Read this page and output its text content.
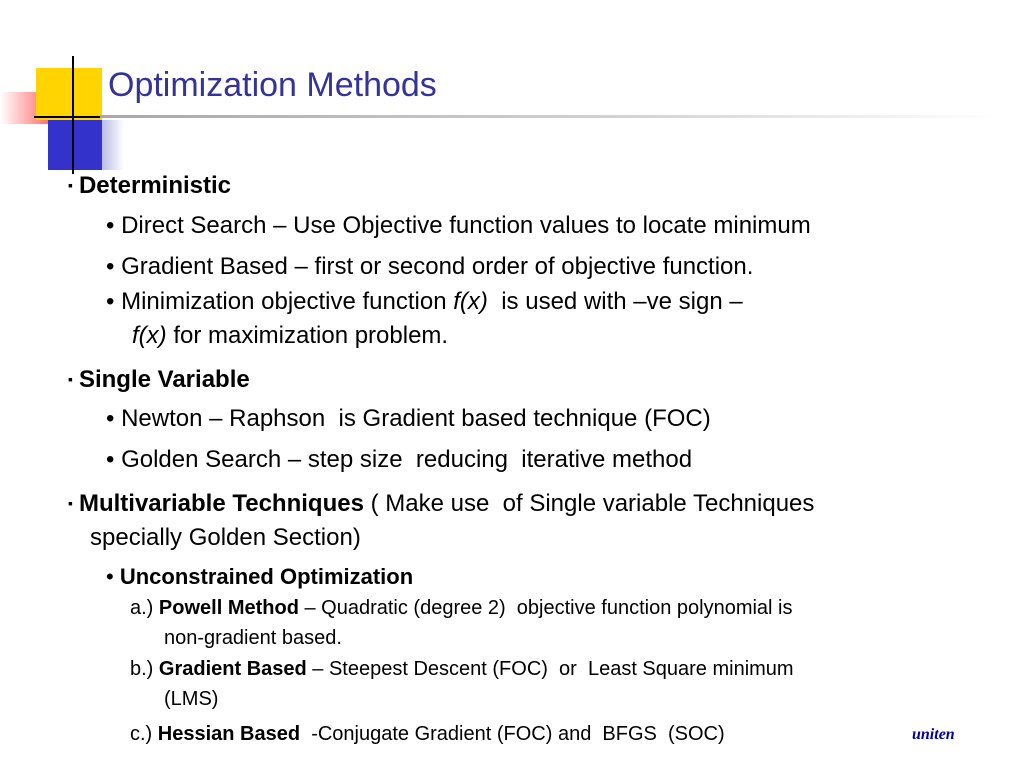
Optimization Methods
▪ Deterministic
• Direct Search – Use Objective function values to locate minimum
• Gradient Based – first or second order of objective function.
• Minimization objective function f(x)  is used with –ve sign –
f(x) for maximization problem.
▪ Single Variable
• Newton – Raphson  is Gradient based technique (FOC)
• Golden Search – step size  reducing  iterative method
▪ Multivariable Techniques ( Make use  of Single variable Techniques
specially Golden Section)
• Unconstrained Optimization
a.) Powell Method – Quadratic (degree 2)  objective function polynomial is
non-gradient based.
b.) Gradient Based – Steepest Descent (FOC)  or  Least Square minimum
(LMS)
c.) Hessian Based  -Conjugate Gradient (FOC) and  BFGS  (SOC)	uniten
